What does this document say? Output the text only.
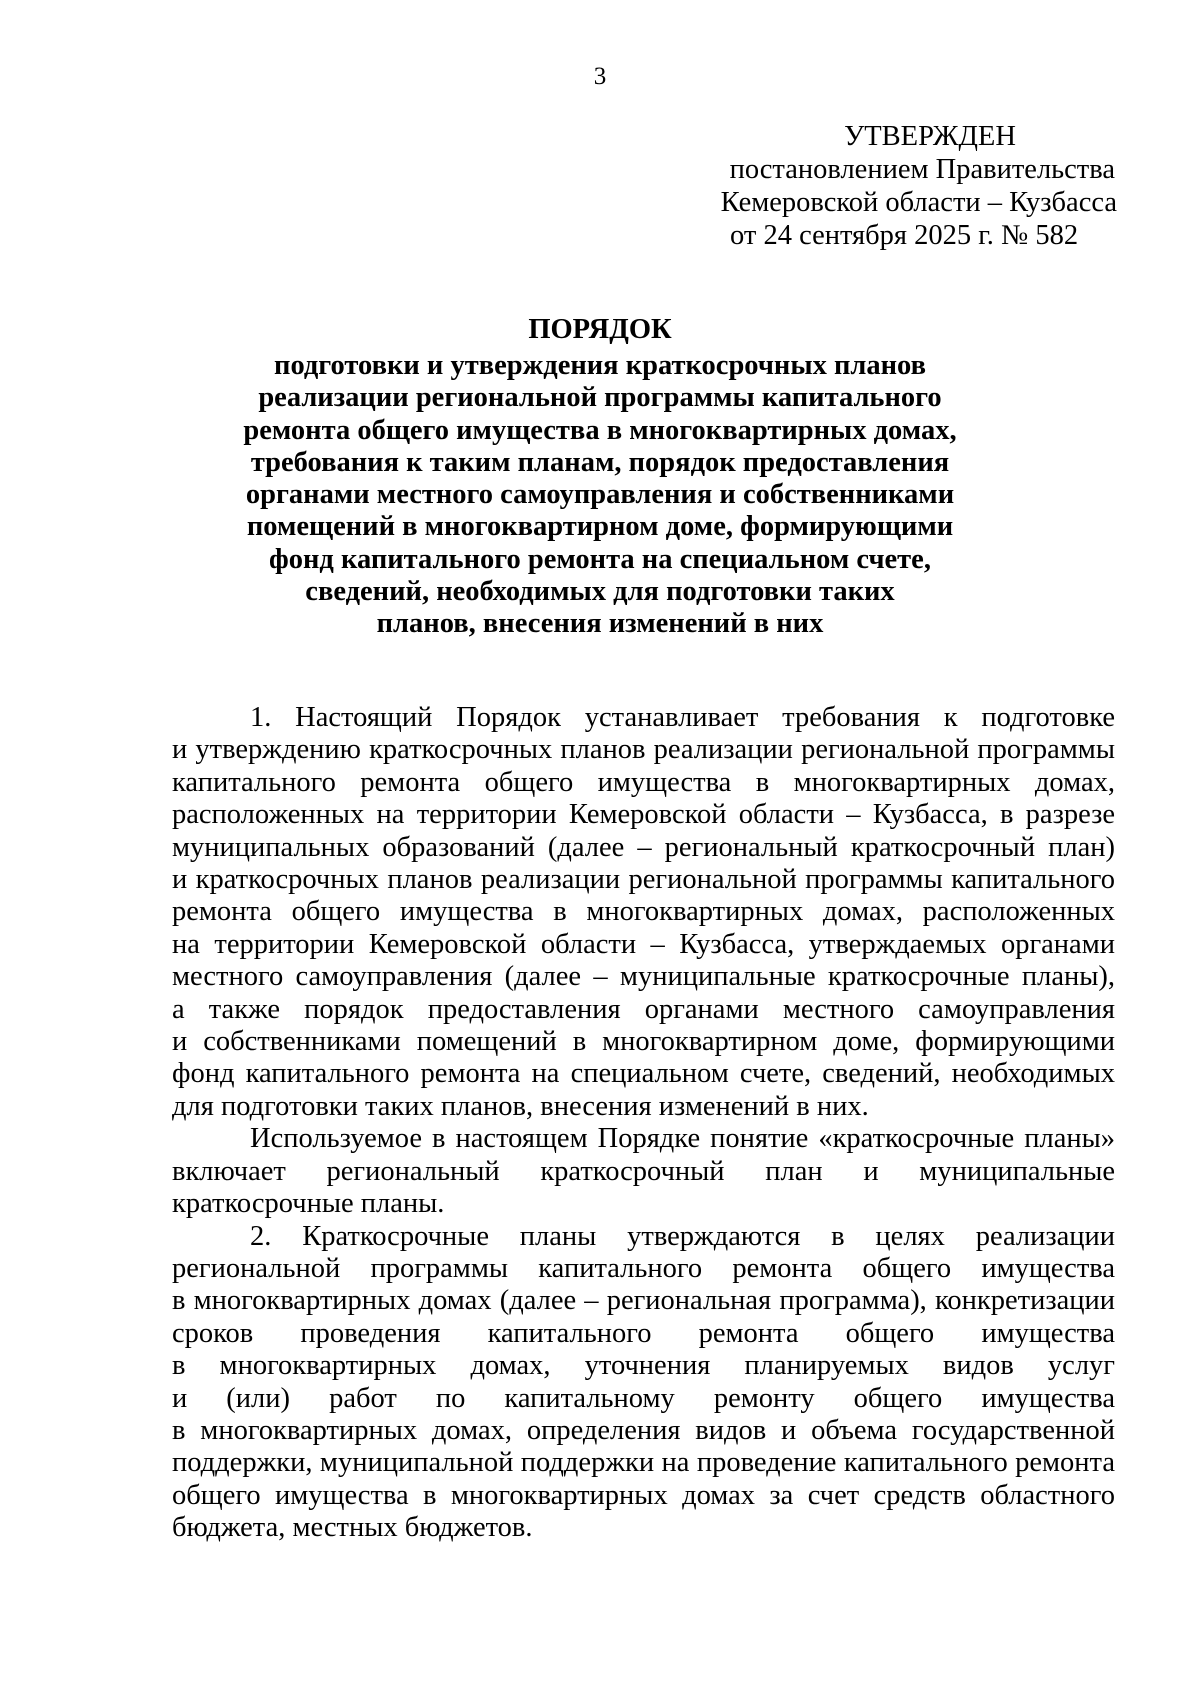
3
УТВЕРЖДЕН
постановлением Правительства
Кемеровской области – Кузбасса
от 24 сентября 2025 г. № 582
ПОРЯДОК
подготовки и утверждения краткосрочных планов
реализации региональной программы капитального
ремонта общего имущества в многоквартирных домах,
требования к таким планам, порядок предоставления
органами местного самоуправления и собственниками
помещений в многоквартирном доме, формирующими
фонд капитального ремонта на специальном счете,
сведений, необходимых для подготовки таких
планов, внесения изменений в них
1. Настоящий Порядок устанавливает требования к подготовке
и утверждению краткосрочных планов реализации региональной программы
капитального ремонта общего имущества в многоквартирных домах,
расположенных на территории Кемеровской области – Кузбасса, в разрезе
муниципальных образований (далее – региональный краткосрочный план)
и краткосрочных планов реализации региональной программы капитального
ремонта общего имущества в многоквартирных домах, расположенных
на территории Кемеровской области – Кузбасса, утверждаемых органами
местного самоуправления (далее – муниципальные краткосрочные планы),
а также порядок предоставления органами местного самоуправления
и собственниками помещений в многоквартирном доме, формирующими
фонд капитального ремонта на специальном счете, сведений, необходимых
для подготовки таких планов, внесения изменений в них.
Используемое в настоящем Порядке понятие «краткосрочные планы»
включает региональный краткосрочный план и муниципальные
краткосрочные планы.
2. Краткосрочные планы утверждаются в целях реализации
региональной программы капитального ремонта общего имущества
в многоквартирных домах (далее – региональная программа), конкретизации
сроков проведения капитального ремонта общего имущества
в многоквартирных домах, уточнения планируемых видов услуг
и (или) работ по капитальному ремонту общего имущества
в многоквартирных домах, определения видов и объема государственной
поддержки, муниципальной поддержки на проведение капитального ремонта
общего имущества в многоквартирных домах за счет средств областного
бюджета, местных бюджетов.
